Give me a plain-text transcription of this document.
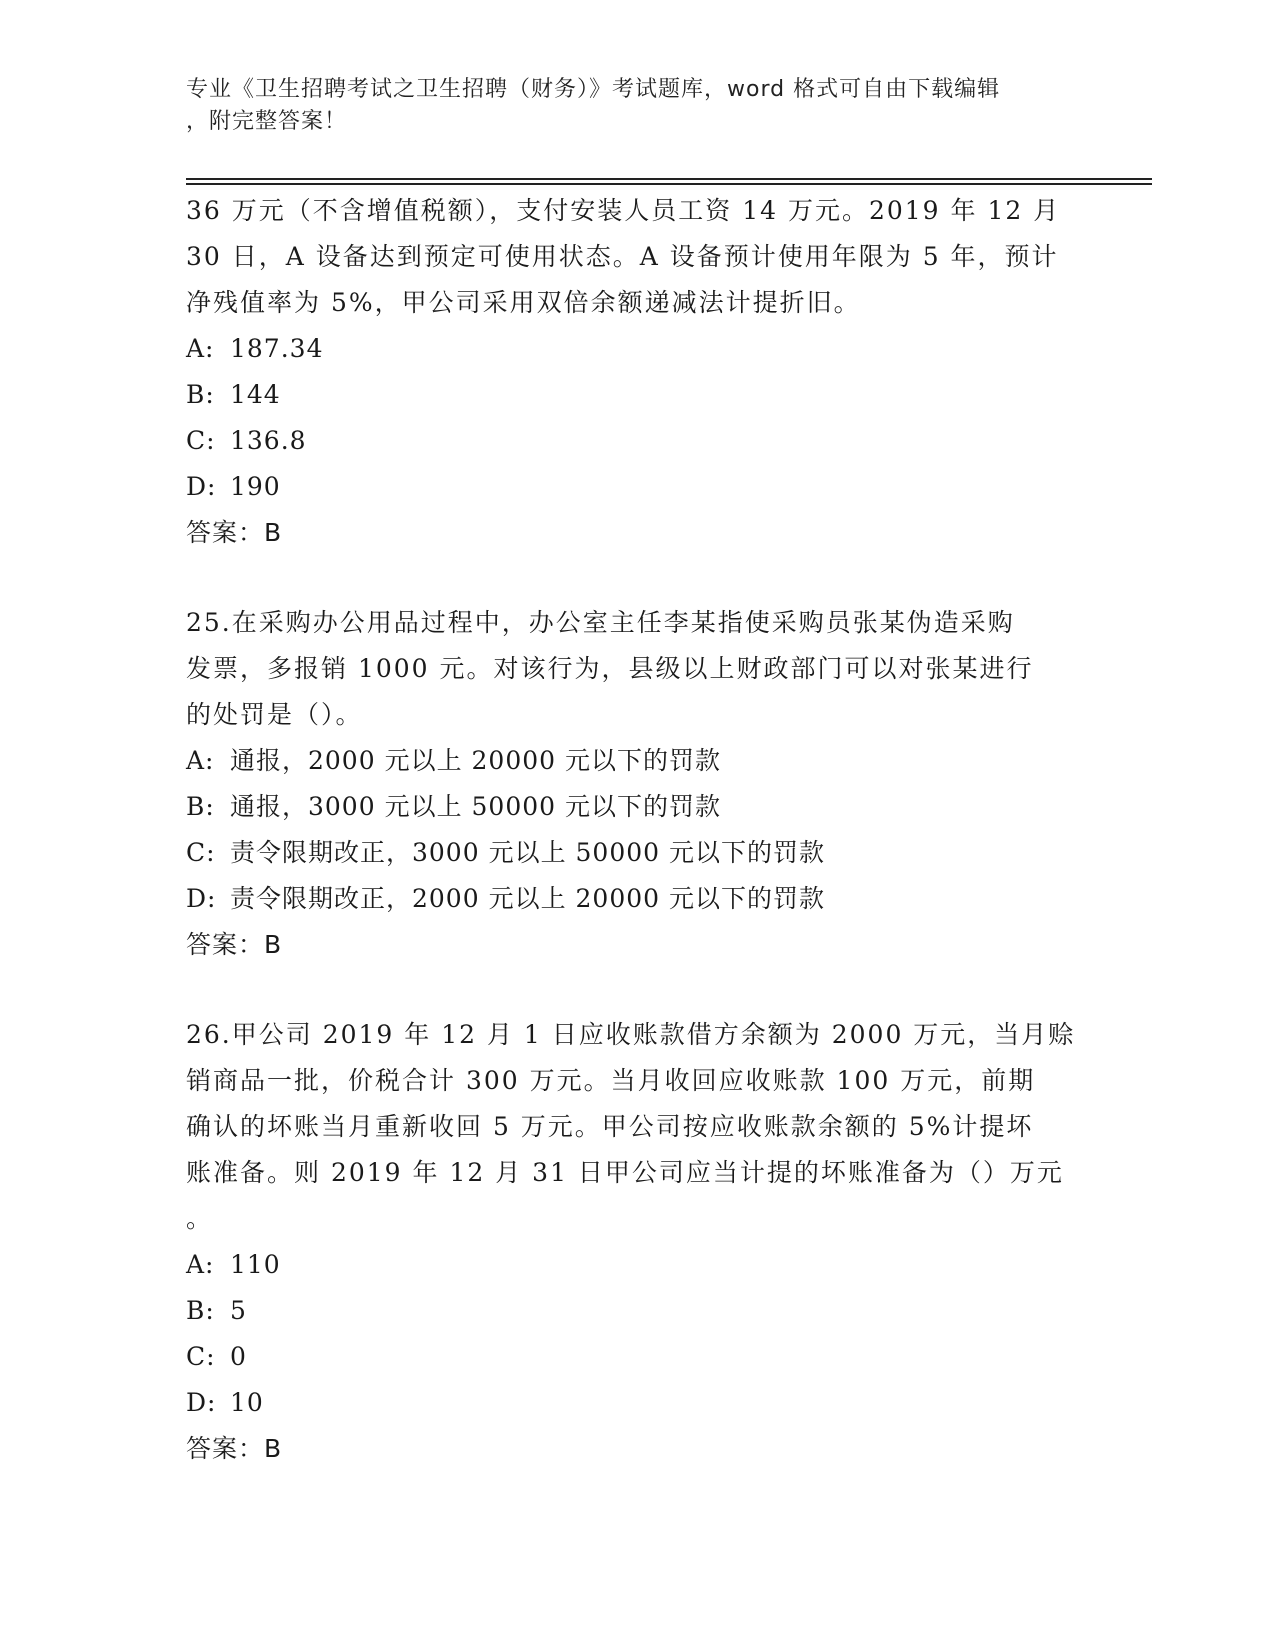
专业《卫生招聘考试之卫生招聘（财务）》考试题库，word 格式可自由下载编辑
，附完整答案！

36 万元（不含增值税额），支付安装人员工资 14 万元。2019 年 12 月

30 日，A 设备达到预定可使用状态。A 设备预计使用年限为 5 年，预计

净残值率为 5%，甲公司采用双倍余额递减法计提折旧。

A: 187.34

B: 144

C: 136.8

D: 190

答案：B

25.在采购办公用品过程中，办公室主任李某指使采购员张某伪造采购

发票，多报销 1000 元。对该行为，县级以上财政部门可以对张某进行

的处罚是（）。

A: 通报，2000 元以上 20000 元以下的罚款

B: 通报，3000 元以上 50000 元以下的罚款

C: 责令限期改正，3000 元以上 50000 元以下的罚款

D: 责令限期改正，2000 元以上 20000 元以下的罚款

答案：B

26.甲公司 2019 年 12 月 1 日应收账款借方余额为 2000 万元，当月赊

销商品一批，价税合计 300 万元。当月收回应收账款 100 万元，前期

确认的坏账当月重新收回 5 万元。甲公司按应收账款余额的 5%计提坏

账准备。则 2019 年 12 月 31 日甲公司应当计提的坏账准备为（）万元

。

A: 110

B: 5

C: 0

D: 10

答案：B
